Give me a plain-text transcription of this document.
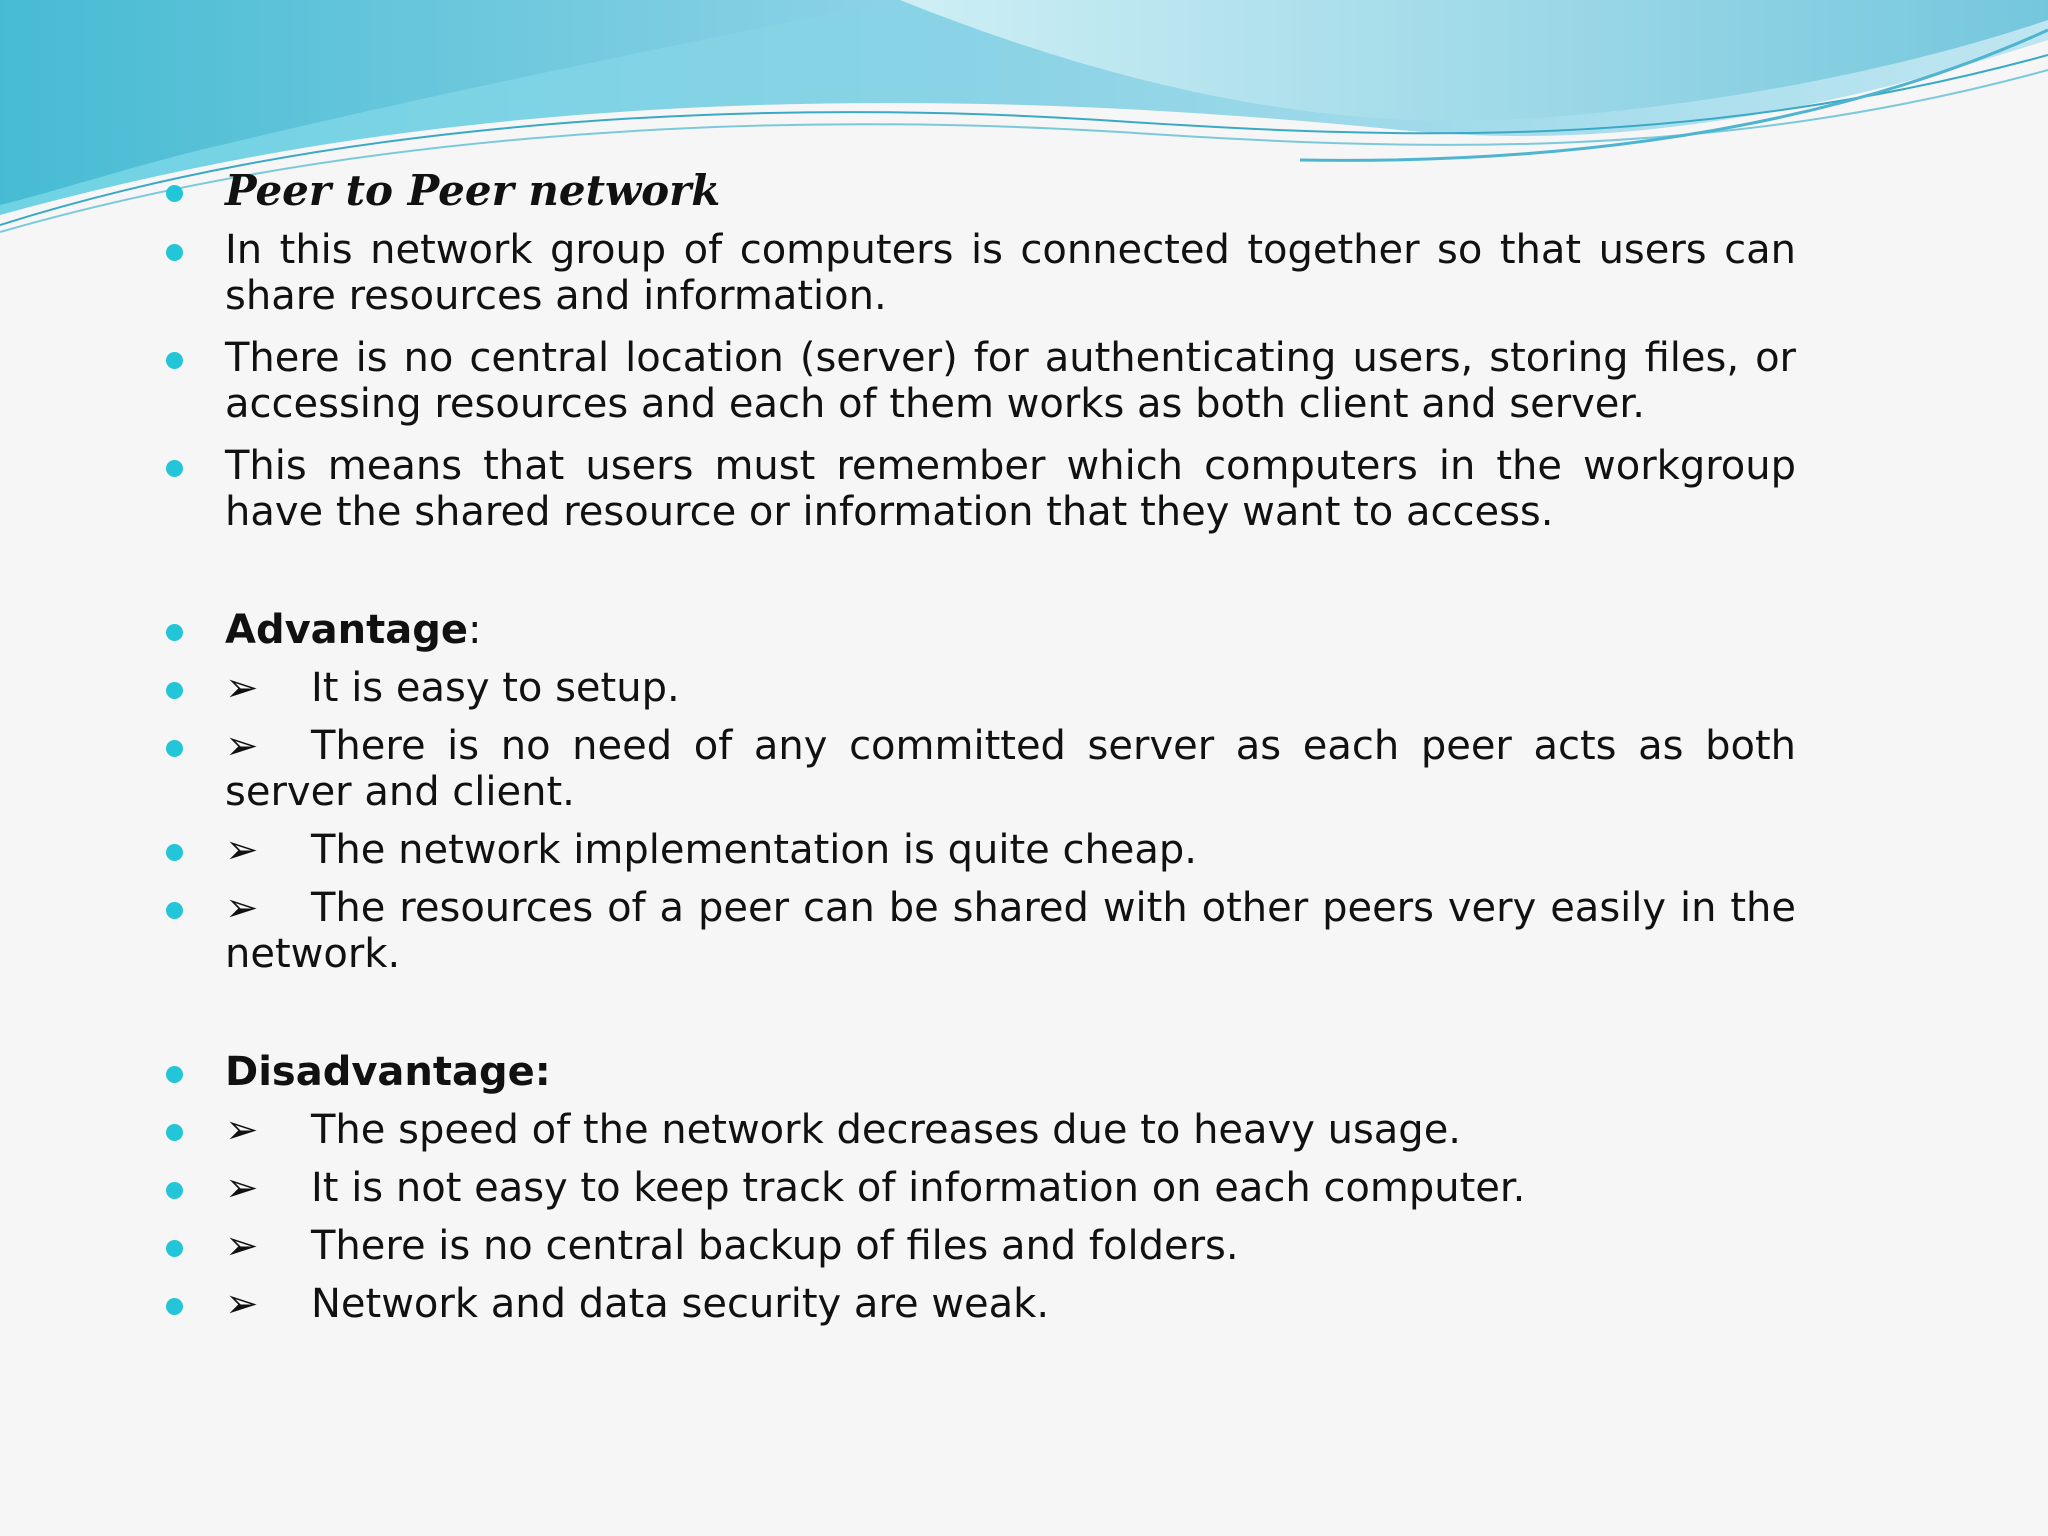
Peer to Peer network
In this network group of computers is connected together so that users can share resources and information.
There is no central location (server) for authenticating users, storing files, or accessing resources and each of them works as both client and server.
This means that users must remember which computers in the workgroup have the shared resource or information that they want to access.
Advantage:
➢ It is easy to setup.
➢ There is no need of any committed server as each peer acts as both server and client.
➢ The network implementation is quite cheap.
➢ The resources of a peer can be shared with other peers very easily in the network.
Disadvantage:
➢ The speed of the network decreases due to heavy usage.
➢ It is not easy to keep track of information on each computer.
➢ There is no central backup of files and folders.
➢ Network and data security are weak.
